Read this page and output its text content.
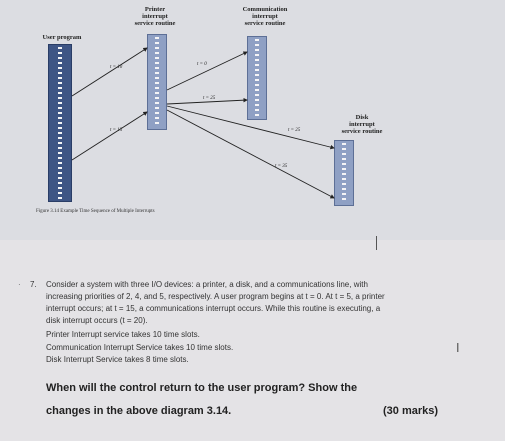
User program
Printer
interrupt
service routine
Communication
interrupt
service routine
Disk
interrupt
service routine
t = 10
t = 15
t = 25
t = 0
t = 25
t = 35
Figure 3.14 Example Time Sequence of Multiple Interrupts
· 7. Consider a system with three I/O devices: a printer, a disk, and a communications line, with
increasing priorities of 2, 4, and 5, respectively. A user program begins at t = 0. At t = 5, a printer
interrupt occurs; at t = 15, a communications interrupt occurs. While this routine is executing, a
disk interrupt occurs (t = 20).
Printer Interrupt service takes 10 time slots.
Communication Interrupt Service takes 10 time slots.
Disk Interrupt Service takes 8 time slots.
When will the control return to the user program? Show the
changes in the above diagram 3.14.	(30 marks)
I
